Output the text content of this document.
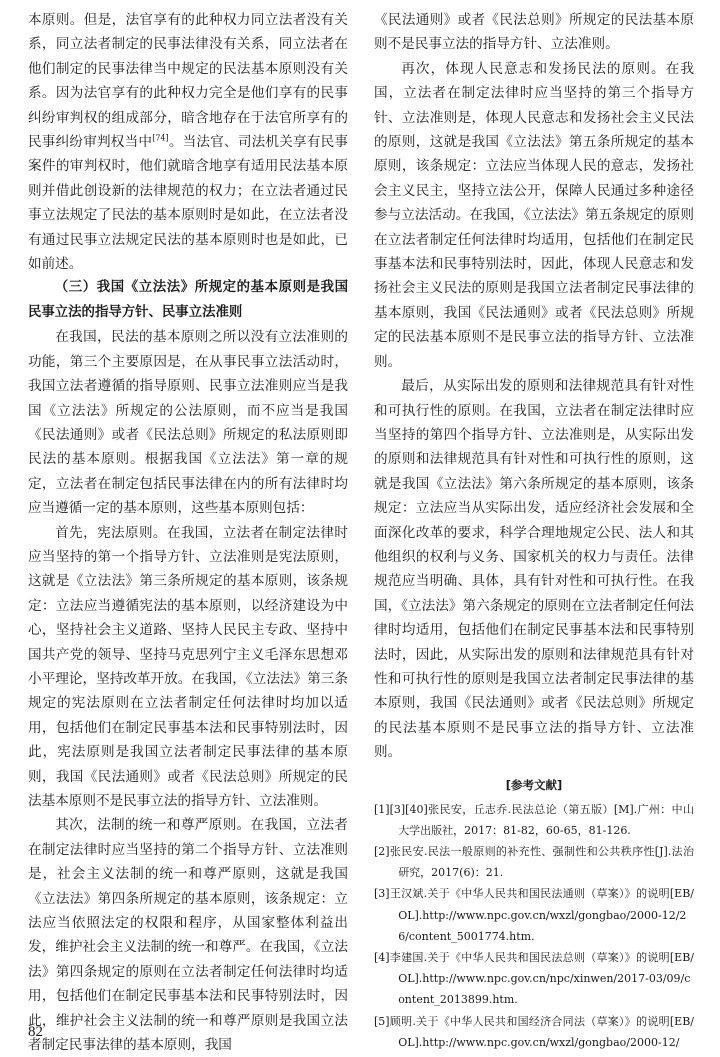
本原则。但是，法官享有的此种权力同立法者没有关系，同立法者制定的民事法律没有关系，同立法者在他们制定的民事法律当中规定的民法基本原则没有关系。因为法官享有的此种权力完全是他们享有的民事纠纷审判权的组成部分，暗含地存在于法官所享有的民事纠纷审判权当中[74]。当法官、司法机关享有民事案件的审判权时，他们就暗含地享有适用民法基本原则并借此创设新的法律规范的权力；在立法者通过民事立法规定了民法的基本原则时是如此，在立法者没有通过民事立法规定民法的基本原则时也是如此，已如前述。

（三）我国《立法法》所规定的基本原则是我国民事立法的指导方针、民事立法准则

在我国，民法的基本原则之所以没有立法准则的功能，第三个主要原因是，在从事民事立法活动时，我国立法者遵循的指导原则、民事立法准则应当是我国《立法法》所规定的公法原则，而不应当是我国《民法通则》或者《民法总则》所规定的私法原则即民法的基本原则。根据我国《立法法》第一章的规定，立法者在制定包括民事法律在内的所有法律时均应当遵循一定的基本原则，这些基本原则包括：

首先，宪法原则。在我国，立法者在制定法律时应当坚持的第一个指导方针、立法准则是宪法原则，这就是《立法法》第三条所规定的基本原则，该条规定：立法应当遵循宪法的基本原则，以经济建设为中心，坚持社会主义道路、坚持人民民主专政、坚持中国共产党的领导、坚持马克思列宁主义毛泽东思想邓小平理论，坚持改革开放。在我国，《立法法》第三条规定的宪法原则在立法者制定任何法律时均加以适用，包括他们在制定民事基本法和民事特别法时，因此，宪法原则是我国立法者制定民事法律的基本原则，我国《民法通则》或者《民法总则》所规定的民法基本原则不是民事立法的指导方针、立法准则。

其次，法制的统一和尊严原则。在我国，立法者在制定法律时应当坚持的第二个指导方针、立法准则是，社会主义法制的统一和尊严原则，这就是我国《立法法》第四条所规定的基本原则，该条规定：立法应当依照法定的权限和程序，从国家整体利益出发，维护社会主义法制的统一和尊严。在我国，《立法法》第四条规定的原则在立法者制定任何法律时均适用，包括他们在制定民事基本法和民事特别法时，因此，维护社会主义法制的统一和尊严原则是我国立法者制定民事法律的基本原则，我国

《民法通则》或者《民法总则》所规定的民法基本原则不是民事立法的指导方针、立法准则。

再次，体现人民意志和发扬民法的原则。在我国，立法者在制定法律时应当坚持的第三个指导方针、立法准则是，体现人民意志和发扬社会主义民法的原则，这就是我国《立法法》第五条所规定的基本原则，该条规定：立法应当体现人民的意志，发扬社会主义民主，坚持立法公开，保障人民通过多种途径参与立法活动。在我国，《立法法》第五条规定的原则在立法者制定任何法律时均适用，包括他们在制定民事基本法和民事特别法时，因此，体现人民意志和发扬社会主义民法的原则是我国立法者制定民事法律的基本原则，我国《民法通则》或者《民法总则》所规定的民法基本原则不是民事立法的指导方针、立法准则。

最后，从实际出发的原则和法律规范具有针对性和可执行性的原则。在我国，立法者在制定法律时应当坚持的第四个指导方针、立法准则是，从实际出发的原则和法律规范具有针对性和可执行性的原则，这就是我国《立法法》第六条所规定的基本原则，该条规定：立法应当从实际出发，适应经济社会发展和全面深化改革的要求，科学合理地规定公民、法人和其他组织的权利与义务、国家机关的权力与责任。法律规范应当明确、具体，具有针对性和可执行性。在我国，《立法法》第六条规定的原则在立法者制定任何法律时均适用，包括他们在制定民事基本法和民事特别法时，因此，从实际出发的原则和法律规范具有针对性和可执行性的原则是我国立法者制定民事法律的基本原则，我国《民法通则》或者《民法总则》所规定的民法基本原则不是民事立法的指导方针、立法准则。

[参考文献]

[1][3][40]张民安，丘志乔.民法总论（第五版）[M].广州：中山大学出版社，2017：81-82，60-65，81-126.
[2]张民安.民法一般原则的补充性、强制性和公共秩序性[J].法治研究，2017(6)：21.
[3]王汉斌.关于《中华人民共和国民法通则（草案）》的说明[EB/OL].http://www.npc.gov.cn/wxzl/gongbao/2000-12/26/content_5001774.htm.
[4]李建国.关于《中华人民共和国民法总则（草案）》的说明[EB/OL].http://www.npc.gov.cn/npc/xinwen/2017-03/09/content_2013899.htm.
[5]顾明.关于《中华人民共和国经济合同法（草案）》的说明[EB/OL].http://www.npc.gov.cn/wxzl/gongbao/2000-12/
82
